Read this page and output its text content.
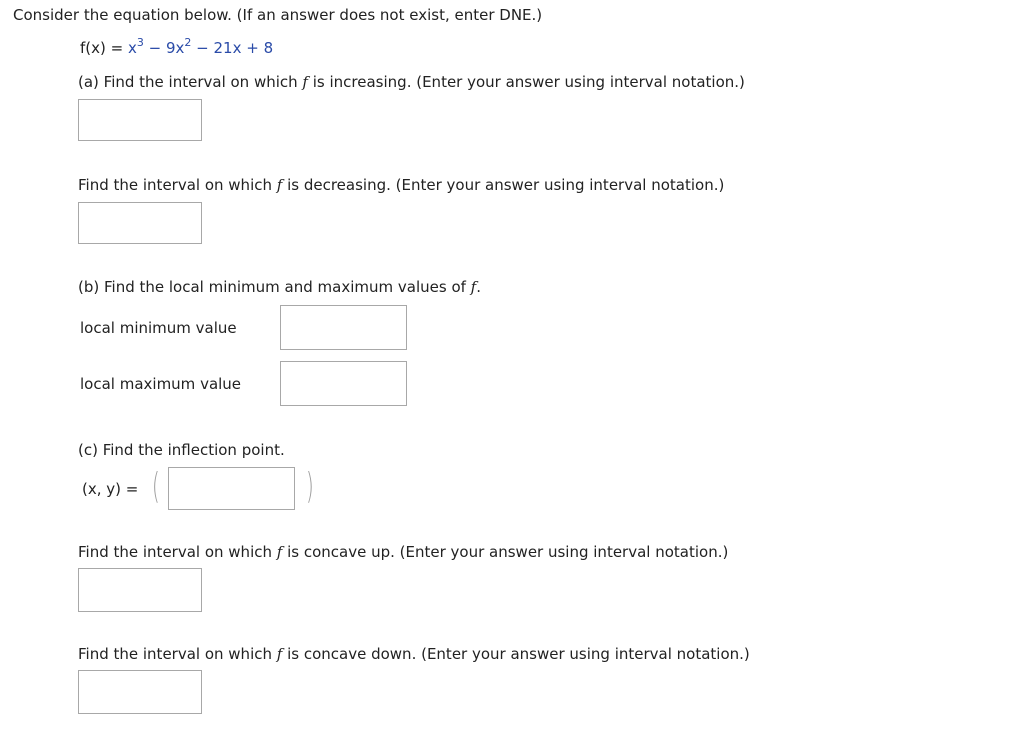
Consider the equation below. (If an answer does not exist, enter DNE.)
$f(x) = x^3 - 9x^2 - 21x + 8$
(a) Find the interval on which f is increasing. (Enter your answer using interval notation.)
Find the interval on which f is decreasing. (Enter your answer using interval notation.)
(b) Find the local minimum and maximum values of f.
local minimum value
local maximum value
(c) Find the inflection point.
(x, y) = (	)
Find the interval on which f is concave up. (Enter your answer using interval notation.)
Find the interval on which f is concave down. (Enter your answer using interval notation.)
